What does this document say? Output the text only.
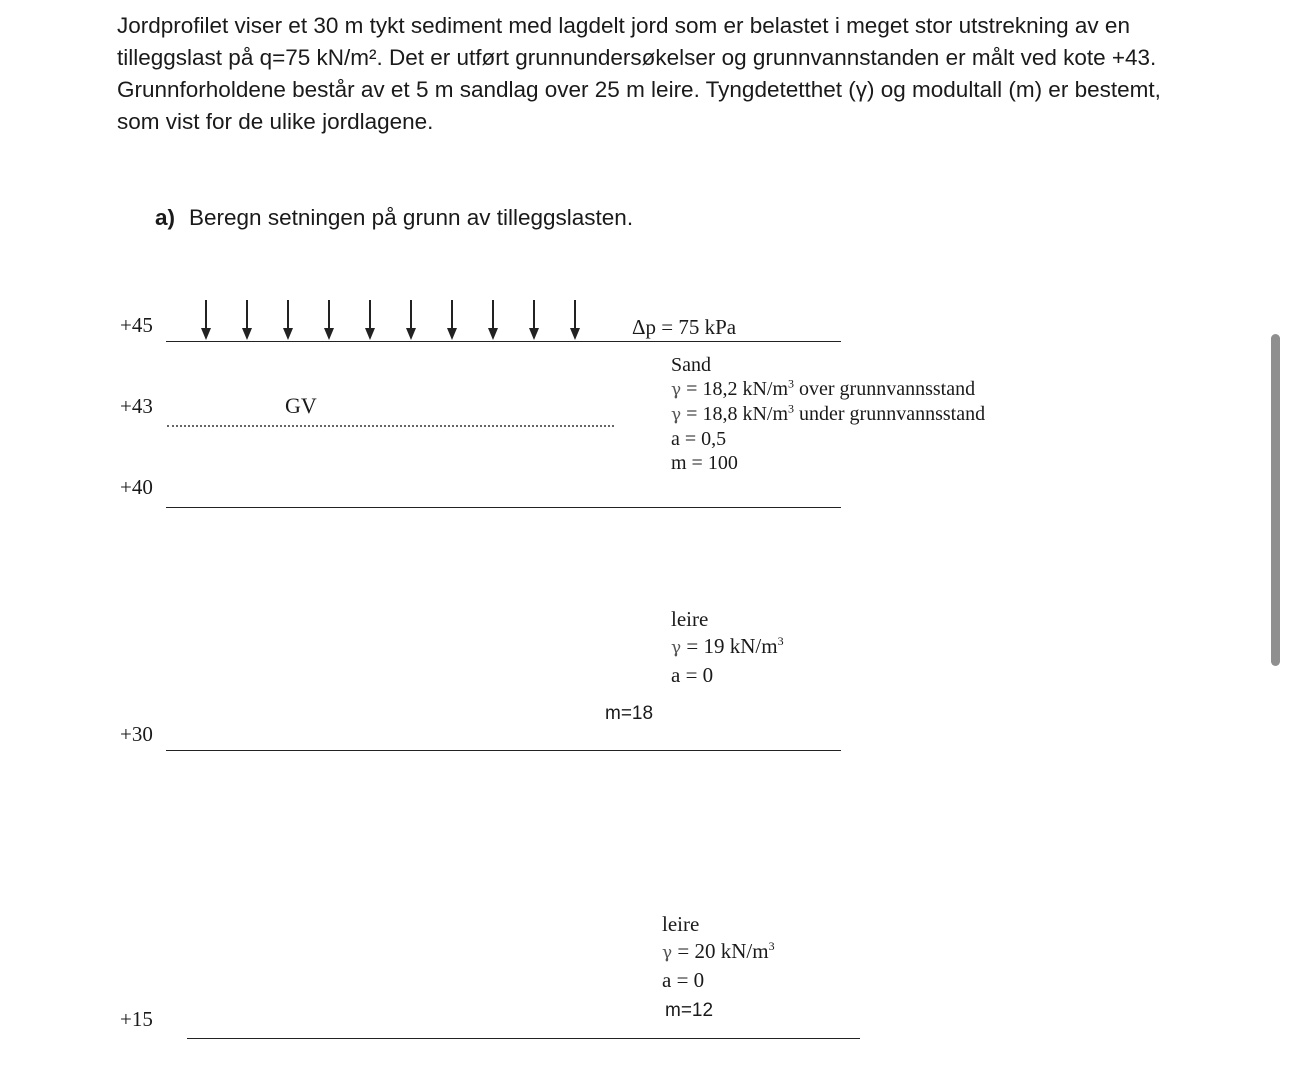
Jordprofilet viser et 30 m tykt sediment med lagdelt jord som er belastet i meget stor utstrekning av en tilleggslast på q=75 kN/m². Det er utført grunnundersøkelser og grunnvannstanden er målt ved kote +43.

Grunnforholdene består av et 5 m sandlag over 25 m leire. Tyngdetetthet (γ) og modultall (m) er bestemt, som vist for de ulike jordlagene.

a) Beregn setningen på grunn av tilleggslasten.
+45
+43
+40
+30
+15
Δp = 75 kPa
GV
Sand
γ = 18,2 $kN/m^3$ over grunnvannsstand
γ = 18,8 $kN/m^3$ under grunnvannsstand
a = 0,5
m = 100
leire
γ = 19 $kN/m^3$
a = 0
m=18
leire
γ = 20 $kN/m^3$
a = 0
m=12
